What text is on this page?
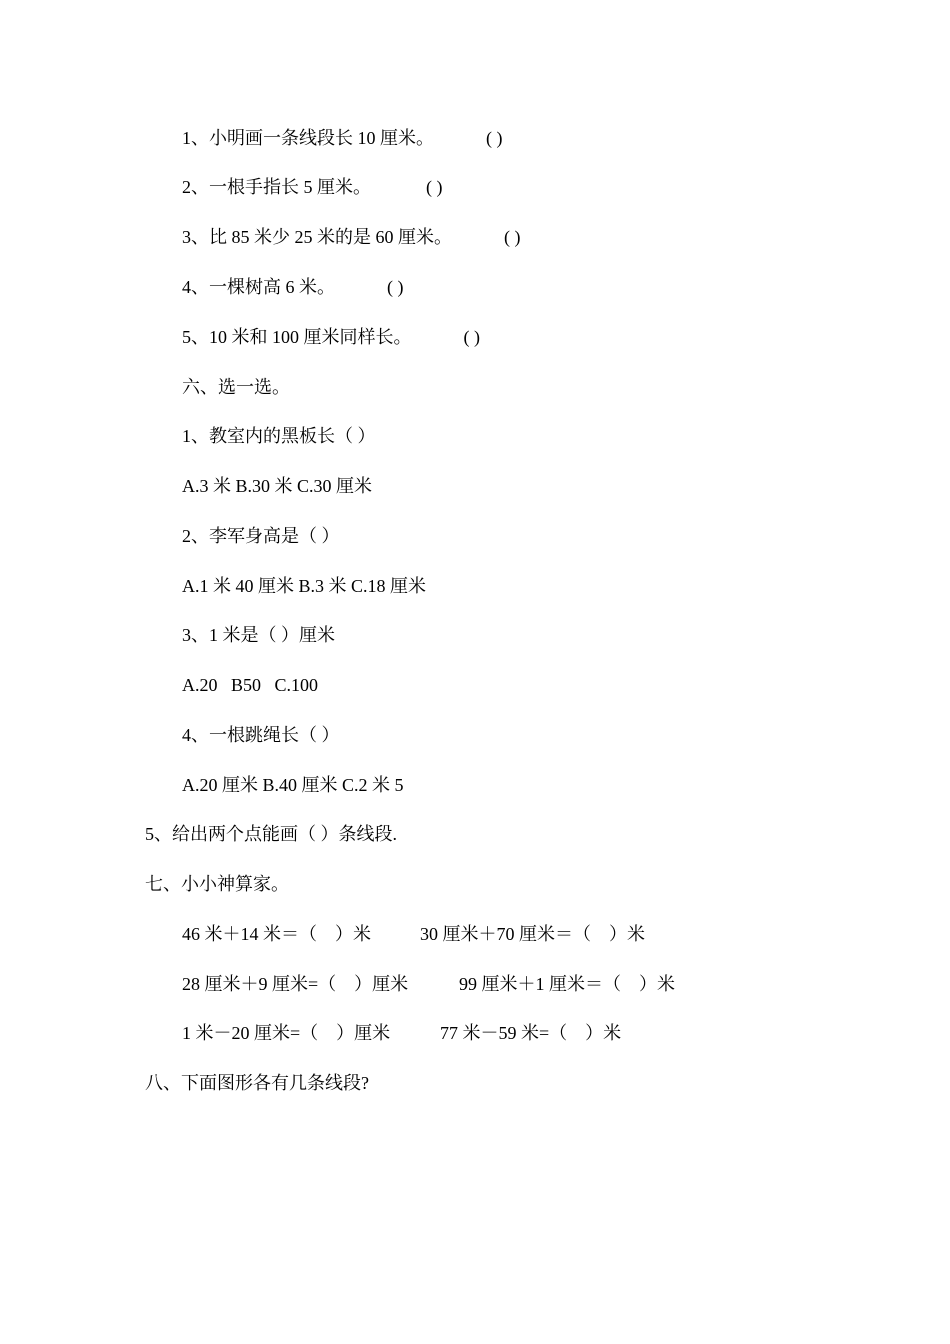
1、小明画一条线段长 10 厘米。	( )
2、一根手指长 5 厘米。	( )
3、比 85 米少 25 米的是 60 厘米。	( )
4、一棵树高 6 米。	( )
5、10 米和 100 厘米同样长。	( )
六、选一选。
1、教室内的黑板长（ ）
A.3 米 B.30 米 C.30 厘米
2、李军身高是（ ）
A.1 米 40 厘米 B.3 米 C.18 厘米
3、1 米是（ ）厘米
A.20   B50   C.100
4、一根跳绳长（ ）
A.20 厘米 B.40 厘米 C.2 米 5
5、给出两个点能画（ ）条线段.
七、小小神算家。
46 米＋14 米＝（　）米	30 厘米＋70 厘米＝（　）米
28 厘米＋9 厘米=（　）厘米	99 厘米＋1 厘米＝（　）米
1 米－20 厘米=（　）厘米	77 米－59 米=（　）米
八、下面图形各有几条线段?
